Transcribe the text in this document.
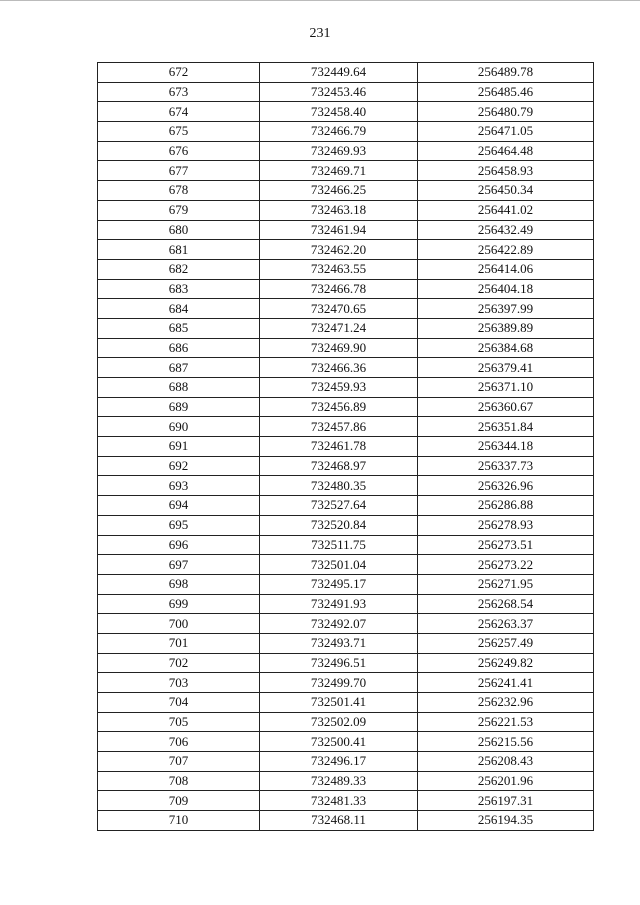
231
672	732449.64	256489.78
673	732453.46	256485.46
674	732458.40	256480.79
675	732466.79	256471.05
676	732469.93	256464.48
677	732469.71	256458.93
678	732466.25	256450.34
679	732463.18	256441.02
680	732461.94	256432.49
681	732462.20	256422.89
682	732463.55	256414.06
683	732466.78	256404.18
684	732470.65	256397.99
685	732471.24	256389.89
686	732469.90	256384.68
687	732466.36	256379.41
688	732459.93	256371.10
689	732456.89	256360.67
690	732457.86	256351.84
691	732461.78	256344.18
692	732468.97	256337.73
693	732480.35	256326.96
694	732527.64	256286.88
695	732520.84	256278.93
696	732511.75	256273.51
697	732501.04	256273.22
698	732495.17	256271.95
699	732491.93	256268.54
700	732492.07	256263.37
701	732493.71	256257.49
702	732496.51	256249.82
703	732499.70	256241.41
704	732501.41	256232.96
705	732502.09	256221.53
706	732500.41	256215.56
707	732496.17	256208.43
708	732489.33	256201.96
709	732481.33	256197.31
710	732468.11	256194.35
